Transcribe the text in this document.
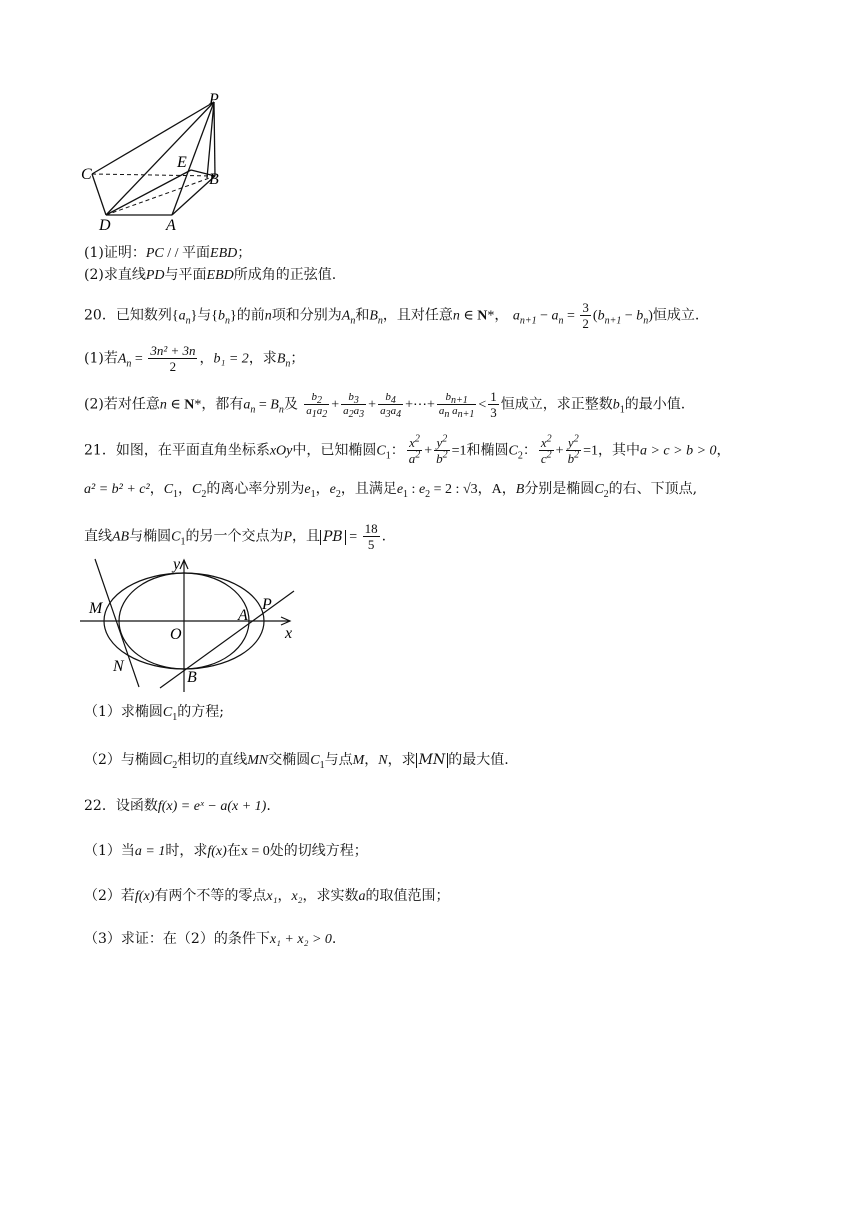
P
C
E
B
D	A
(1)证明：PC / / 平面EBD；
(2)求直线PD与平面EBD所成角的正弦值.
20．已知数列$\{a_n\}$与$\{b_n\}$的前n项和分别为$A_n$和$B_n$，且对任意n ∈ N*， $a_{n+1} - a_n = \frac{3}{2} (b_{n+1} - b_n)$恒成立.
(1)若$A_n = \frac{\text{3n² + 3n}}{2}$ ，b₁ = 2，求$B_n$；
(2)若对任意n ∈ N*，都有$a_n = B_n$及 $\frac{b_2}{a_1a_2} + \frac{b_3}{a_2a_3} + \frac{b_4}{a_3a_4}$ +⋯+ $\frac{b_{n+1}}{a_n a_{n+1}} < \frac{1}{3}$ 恒成立，求正整数$b_1$的最小值.
21．如图，在平面直角坐标系xOy中，已知椭圆$C_1$： $\frac{x^2}{a^2} + \frac{y^2}{b^2} =1$和椭圆$C_2$： $\frac{x^2}{c^2} + \frac{y^2}{b^2} =1$，其中a > c > b > 0，
a² = b² + c²，$C_1$，$C_2$的离心率分别为$e_1$，$e_2$，且满足$e_1$ : $e_2 = 2$ : √3，A，B分别是椭圆$C_2$的右、下顶点,
直线AB与椭圆$C_1$的另一个交点为P，且 PB = $\frac{18}{5}$ .
y
x
O
M
N
A
P
B
（1）求椭圆$C_1$的方程;
（2）与椭圆$C_2$相切的直线MN交椭圆$C_1$与点M，N，求 MN 的最大值.
22．设函数f(x) = eˣ − a(x + 1).
（1）当a = 1时，求f(x)在x = 0处的切线方程；
（2）若f(x)有两个不等的零点x₁，x₂，求实数a的取值范围；
（3）求证：在（2）的条件下x₁ + x₂ > 0.
